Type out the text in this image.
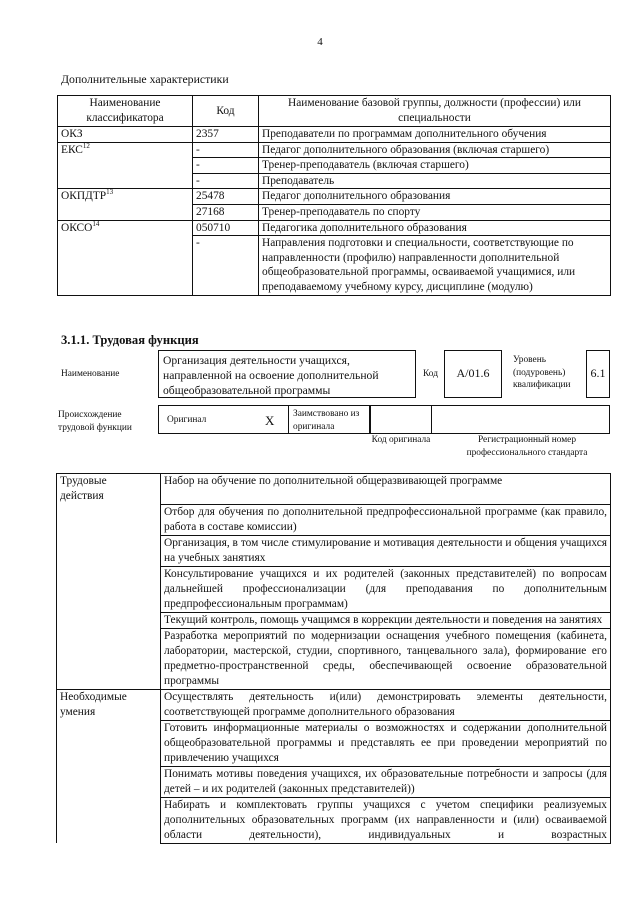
4
Дополнительные характеристики
Наименование классификатора	Код	Наименование базовой группы, должности (профессии) или специальности
ОКЗ	2357	Преподаватели по программам дополнительного обучения
ЕКС$^{12}$	-	Педагог дополнительного образования (включая старшего)
	-	Тренер-преподаватель (включая старшего)
	-	Преподаватель
ОКПДТР$^{13}$	25478	Педагог дополнительного образования
	27168	Тренер-преподаватель по спорту
ОКСО$^{14}$	050710	Педагогика дополнительного образования
	-	Направления подготовки и специальности, соответствующие по направленности (профилю) направленности дополнительной общеобразовательной программы, осваиваемой учащимися, или преподаваемому учебному курсу, дисциплине (модулю)
3.1.1. Трудовая функция
Наименование
Организация деятельности учащихся, направленной на освоение дополнительной общеобразовательной программы
Код	А/01.6
Уровень (подуровень) квалификации
6.1
Происхождение трудовой функции
Оригинал	X	Заимствовано из оригинала
Код оригинала	Регистрационный номер профессионального стандарта
Трудовые действия	Набор на обучение по дополнительной общеразвивающей программе
	Отбор для обучения по дополнительной предпрофессиональной программе (как правило, работа в составе комиссии)
	Организация, в том числе стимулирование и мотивация деятельности и общения учащихся на учебных занятиях
	Консультирование учащихся и их родителей (законных представителей) по вопросам дальнейшей профессионализации (для преподавания по дополнительным предпрофессиональным программам)
	Текущий контроль, помощь учащимся в коррекции деятельности и поведения на занятиях
	Разработка мероприятий по модернизации оснащения учебного помещения (кабинета, лаборатории, мастерской, студии, спортивного, танцевального зала), формирование его предметно-пространственной среды, обеспечивающей освоение образовательной программы

Необходимые умения	Осуществлять деятельность и(или) демонстрировать элементы деятельности, соответствующей программе дополнительного образования
	Готовить информационные материалы о возможностях и содержании дополнительной общеобразовательной программы и представлять ее при проведении мероприятий по привлечению учащихся
	Понимать мотивы поведения учащихся, их образовательные потребности и запросы (для детей – и их родителей (законных представителей))
	Набирать и комплектовать группы учащихся с учетом специфики реализуемых дополнительных образовательных программ (их направленности и (или) осваиваемой области деятельности), индивидуальных и возрастных
